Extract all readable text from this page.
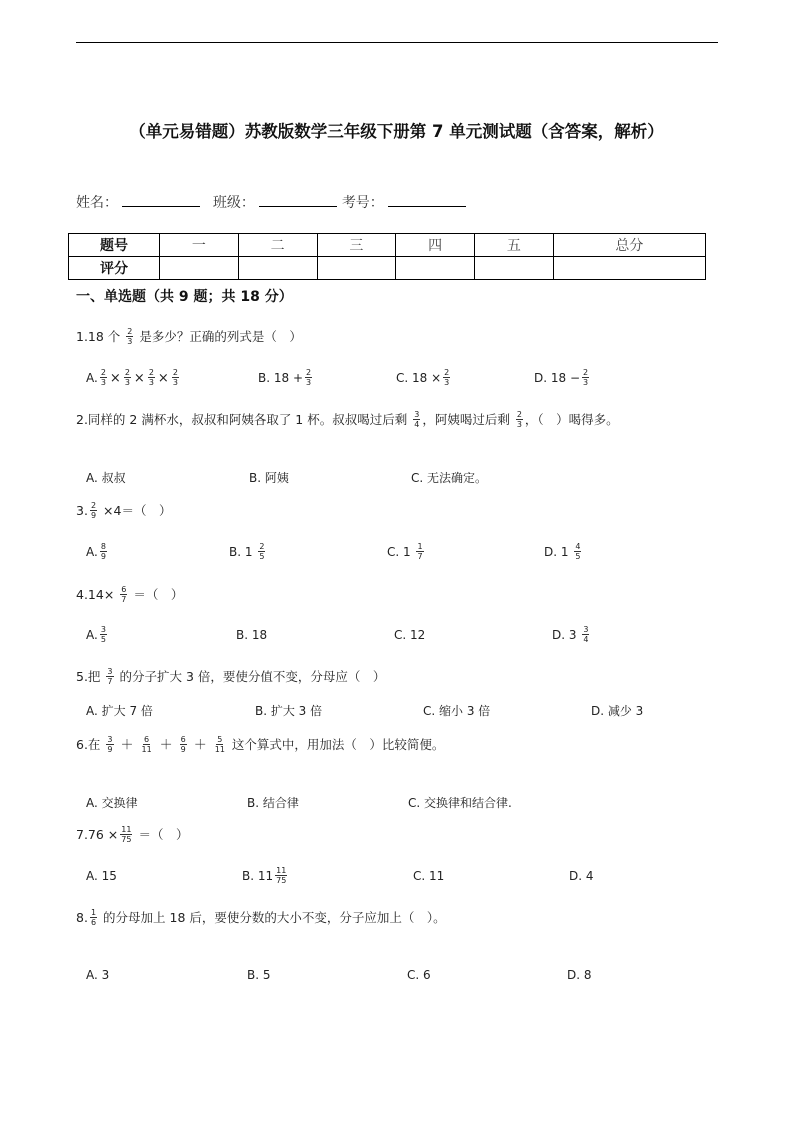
（单元易错题）苏教版数学三年级下册第 7 单元测试题（含答案，解析）
姓名：	班级：	考号：
题号	一	二	三	四	五	总分
评分						
一、单选题（共 9 题；共 18 分）
1.18 个 $\frac{2}{3}$ 是多少？正确的列式是（　）
A. $\frac{2}{3} \times \frac{2}{3} \times \frac{2}{3} \times \frac{2}{3}$	B. $18 + \frac{2}{3}$	C. $18 \times \frac{2}{3}$	D. $18 - \frac{2}{3}$
2.同样的 2 满杯水，叔叔和阿姨各取了 1 杯。叔叔喝过后剩 $\frac{3}{4}$ ，阿姨喝过后剩 $\frac{2}{3}$ ，（　）喝得多。
A. 叔叔	B. 阿姨	C. 无法确定。
3. $\frac{2}{9} \times 4=$（　）
A. $\frac{8}{9}$	B. $1 \frac{2}{5}$	C. $1 \frac{1}{7}$	D. $1 \frac{4}{5}$
$4.14\times \frac{6}{7}$ ＝（　）
A. $\frac{3}{5}$	B. 18	C. 12	D. $3 \frac{3}{4}$
5.把 $\frac{3}{7}$ 的分子扩大 3 倍，要使分值不变，分母应（　）
A. 扩大 7 倍	B. 扩大 3 倍	C. 缩小 3 倍	D. 减少 3
6.在 $\frac{3}{9} + \frac{6}{11} + \frac{6}{9} + \frac{5}{11}$ 这个算式中，用加法（　）比较简便。
A. 交换律	B. 结合律	C. 交换律和结合律.
$7.76 \times \frac{11}{75}$ ＝（　）
A. 15	B. $11 \frac{11}{75}$	C. 11	D. 4
8. $\frac{1}{6}$ 的分母加上 18 后，要使分数的大小不变，分子应加上（　）。
A. 3	B. 5	C. 6	D. 8
